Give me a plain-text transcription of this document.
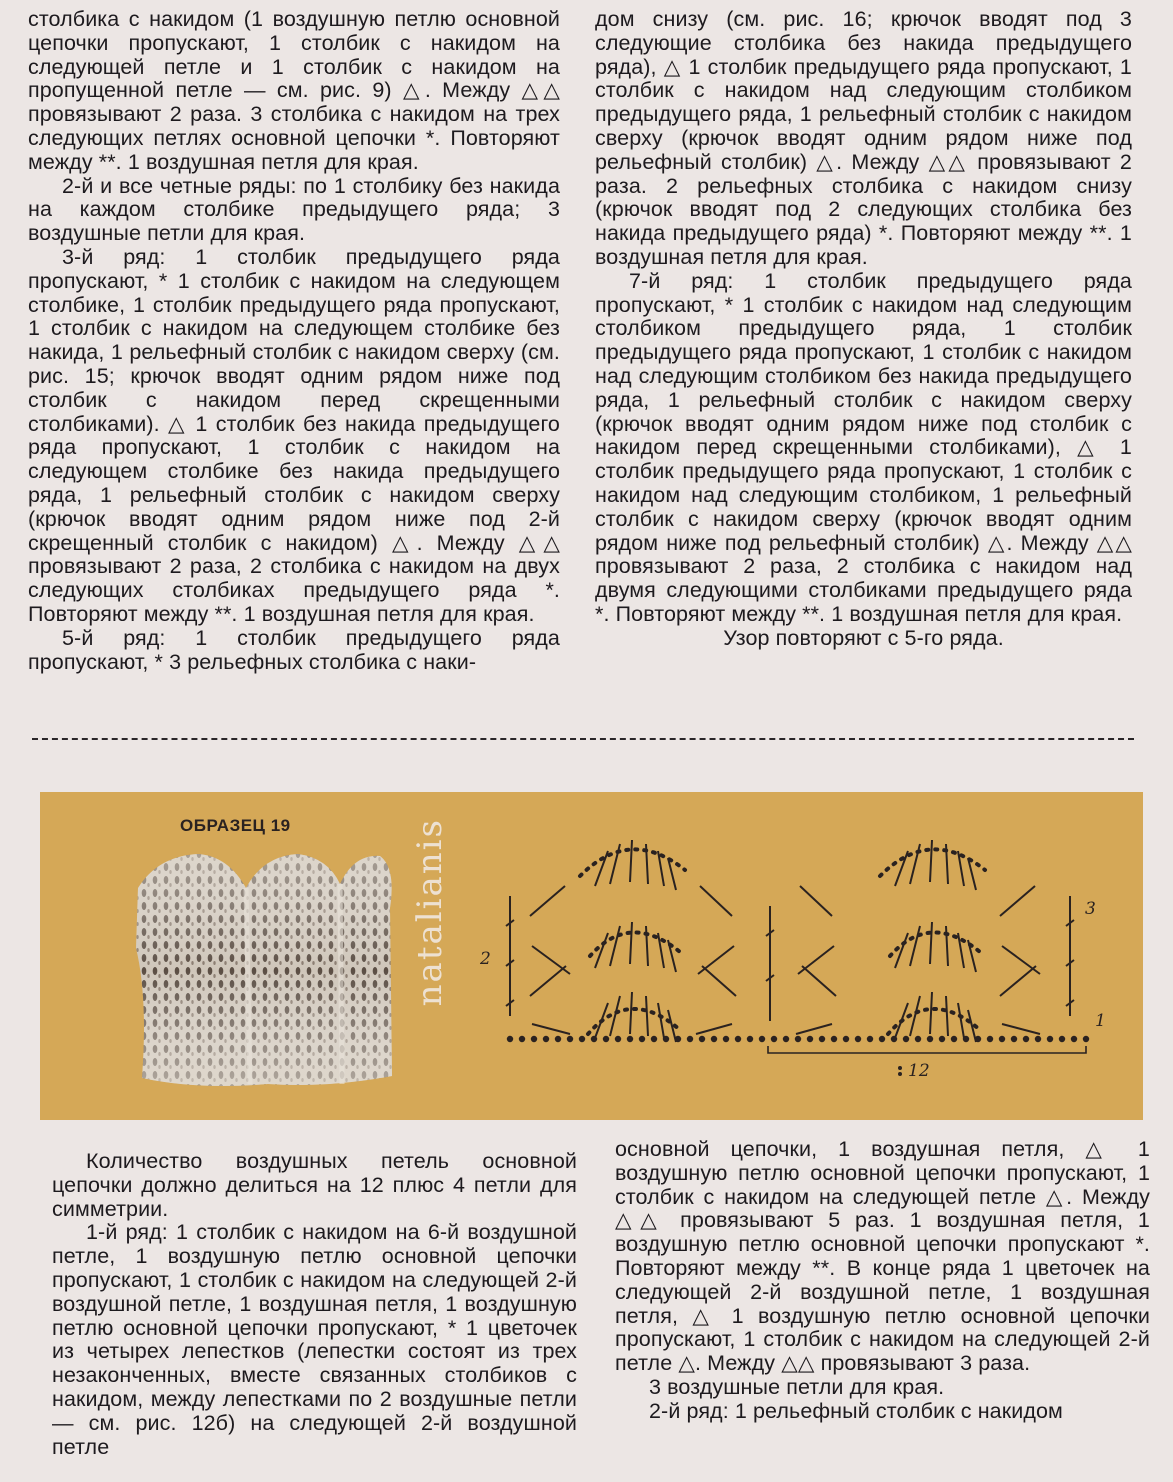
столбика с накидом (1 воздушную петлю основной цепочки пропускают, 1 столбик с накидом на следующей петле и 1 столбик с накидом на пропущенной петле — см. рис. 9) △. Между △△ провязывают 2 раза. 3 столбика с накидом на трех следующих петлях основной цепочки *. Повторяют между **. 1 воздушная петля для края.

2-й и все четные ряды: по 1 столбику без накида на каждом столбике предыдущего ряда; 3 воздушные петли для края.

3-й ряд: 1 столбик предыдущего ряда пропускают, * 1 столбик с накидом на следующем столбике, 1 столбик предыдущего ряда пропускают, 1 столбик с накидом на следующем столбике без накида, 1 рельефный столбик с накидом сверху (см. рис. 15; крючок вводят одним рядом ниже под столбик с накидом перед скрещенными столбиками). △ 1 столбик без накида предыдущего ряда пропускают, 1 столбик с накидом на следующем столбике без накида предыдущего ряда, 1 рельефный столбик с накидом сверху (крючок вводят одним рядом ниже под 2-й скрещенный столбик с накидом) △. Между △△ провязывают 2 раза, 2 столбика с накидом на двух следующих столбиках предыдущего ряда *. Повторяют между **. 1 воздушная петля для края.

5-й ряд: 1 столбик предыдущего ряда пропускают, * 3 рельефных столбика с наки-

дом снизу (см. рис. 16; крючок вводят под 3 следующие столбика без накида предыдущего ряда), △ 1 столбик предыдущего ряда пропускают, 1 столбик с накидом над следующим столбиком предыдущего ряда, 1 рельефный столбик с накидом сверху (крючок вводят одним рядом ниже под рельефный столбик) △. Между △△ провязывают 2 раза. 2 рельефных столбика с накидом снизу (крючок вводят под 2 следующих столбика без накида предыдущего ряда) *. Повторяют между **. 1 воздушная петля для края.

7-й ряд: 1 столбик предыдущего ряда пропускают, * 1 столбик с накидом над следующим столбиком предыдущего ряда, 1 столбик предыдущего ряда пропускают, 1 столбик с накидом над следующим столбиком без накида предыдущего ряда, 1 рельефный столбик с накидом сверху (крючок вводят одним рядом ниже под столбик с накидом перед скрещенными столбиками), △ 1 столбик предыдущего ряда пропускают, 1 столбик с накидом над следующим столбиком, 1 рельефный столбик с накидом сверху (крючок вводят одним рядом ниже под рельефный столбик) △. Между △△ провязывают 2 раза, 2 столбика с накидом над двумя следующими столбиками предыдущего ряда *. Повторяют между **. 1 воздушная петля для края.

Узор повторяют с 5-го ряда.

ОБРАЗЕЦ 19	natalianis 2
3
1
12

Количество воздушных петель основной цепочки должно делиться на 12 плюс 4 петли для симметрии.

1-й ряд: 1 столбик с накидом на 6-й воздушной петле, 1 воздушную петлю основной цепочки пропускают, 1 столбик с накидом на следующей 2-й воздушной петле, 1 воздушная петля, 1 воздушную петлю основной цепочки пропускают, * 1 цветочек из четырех лепестков (лепестки состоят из трех незаконченных, вместе связанных столбиков с накидом, между лепестками по 2 воздушные петли — см. рис. 12б) на следующей 2-й воздушной петле

основной цепочки, 1 воздушная петля, △ 1 воздушную петлю основной цепочки пропускают, 1 столбик с накидом на следующей петле △. Между △△ провязывают 5 раз. 1 воздушная петля, 1 воздушную петлю основной цепочки пропускают *. Повторяют между **. В конце ряда 1 цветочек на следующей 2-й воздушной петле, 1 воздушная петля, △ 1 воздушную петлю основной цепочки пропускают, 1 столбик с накидом на следующей 2-й петле △. Между △△ провязывают 3 раза.

3 воздушные петли для края.

2-й ряд: 1 рельефный столбик с накидом
